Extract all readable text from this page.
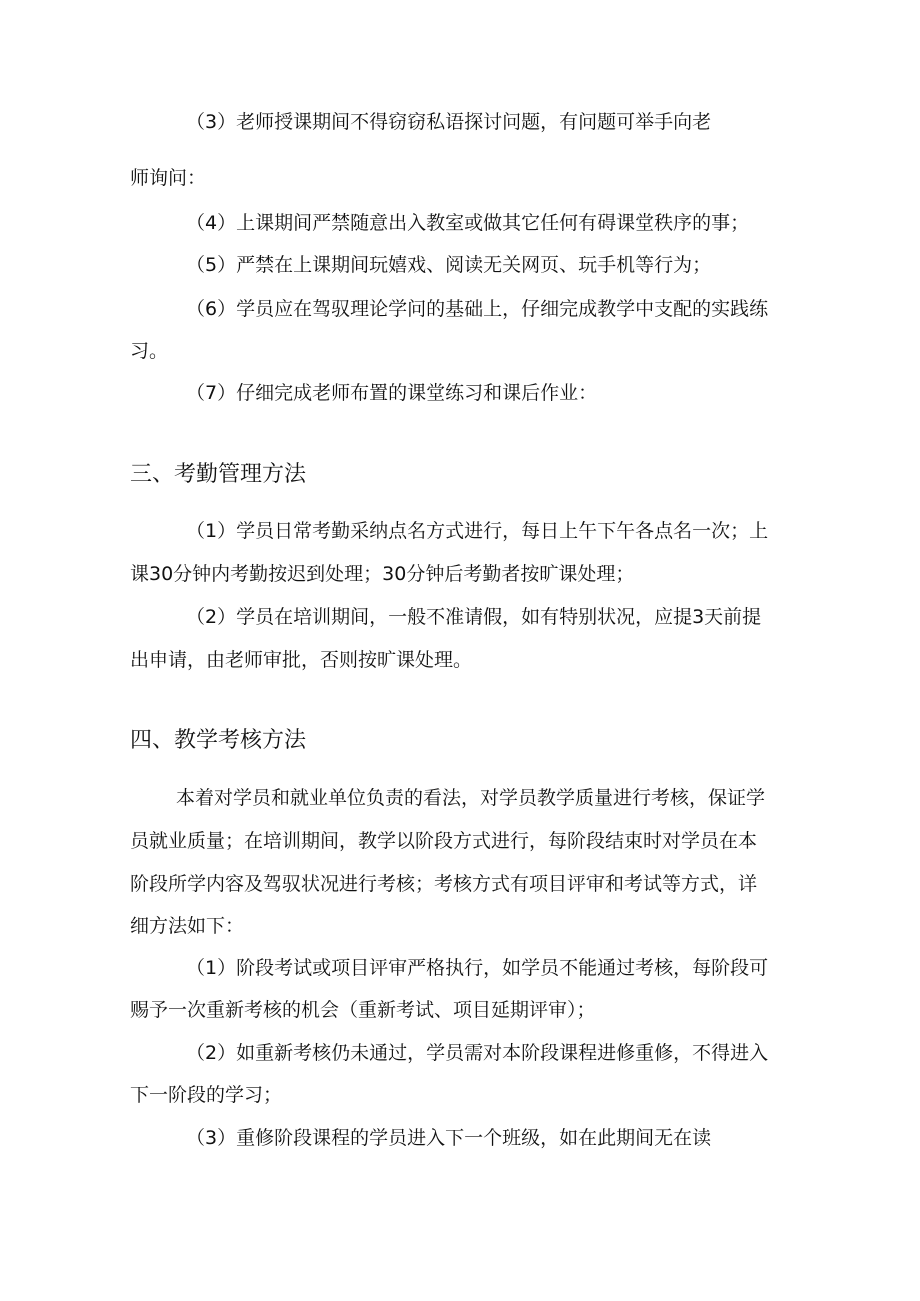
（3）老师授课期间不得窃窃私语探讨问题，有问题可举手向老
师询问：
（4）上课期间严禁随意出入教室或做其它任何有碍课堂秩序的事；
（5）严禁在上课期间玩嬉戏、阅读无关网页、玩手机等行为；
（6）学员应在驾驭理论学问的基础上，仔细完成教学中支配的实践练
习。
（7）仔细完成老师布置的课堂练习和课后作业：
三、考勤管理方法
（1）学员日常考勤采纳点名方式进行，每日上午下午各点名一次；上
课30分钟内考勤按迟到处理；30分钟后考勤者按旷课处理；
（2）学员在培训期间，一般不准请假，如有特别状况，应提3天前提
出申请，由老师审批，否则按旷课处理。
四、教学考核方法
本着对学员和就业单位负责的看法，对学员教学质量进行考核，保证学
员就业质量；在培训期间，教学以阶段方式进行，每阶段结束时对学员在本
阶段所学内容及驾驭状况进行考核；考核方式有项目评审和考试等方式，详
细方法如下：
（1）阶段考试或项目评审严格执行，如学员不能通过考核，每阶段可
赐予一次重新考核的机会（重新考试、项目延期评审）；
（2）如重新考核仍未通过，学员需对本阶段课程进修重修，不得进入
下一阶段的学习；
（3）重修阶段课程的学员进入下一个班级，如在此期间无在读
